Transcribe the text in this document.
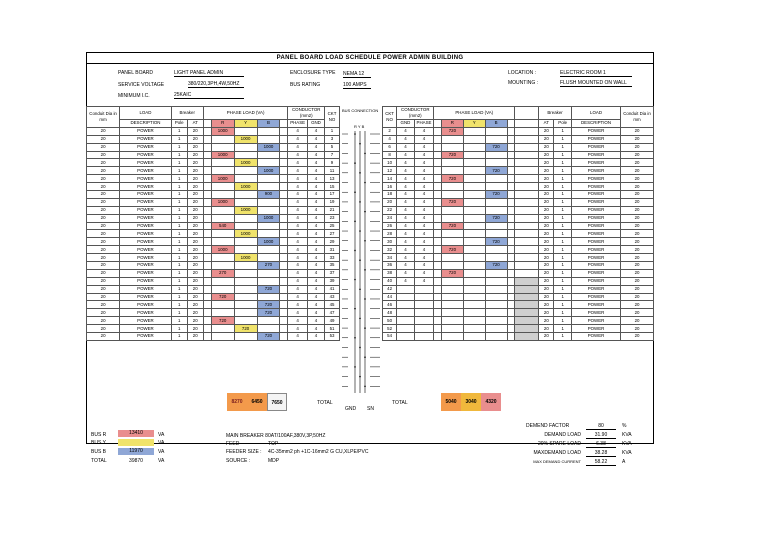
PANEL BOARD LOAD SCHEDULE POWER ADMIN BUILDING
PANEL BOARD	LIGHT PANEL ADMIN
SERVICE VOLTAGE	380/220,3PH,4W,50HZ
MINIMUM I.C.	25KAIC
ENCLOSURE TYPE NEMA 12
BUS RATING	100 AMPS
LOCATION :	ELECTRIC ROOM 1
MOUNTING :	FLUSH MOUNTED ON WALL
Conduit Dia in mm	LOAD	Breaker		PHASE LOAD (VA)					CONDUCTOR (mm2)		CKT NO
	DESCRIPTION	Pole	AT		R	Y	B		PHASE	GND	
20	POWER	1	20		1000				4	4	1
20	POWER	1	20			1000			4	4	3
20	POWER	1	20				1000		4	4	5
20	POWER	1	20		1000				4	4	7
20	POWER	1	20			1000			4	4	9
20	POWER	1	20				1000		4	4	11
20	POWER	1	20		1000				4	4	13
20	POWER	1	20			1000			4	4	15
20	POWER	1	20				900		4	4	17
20	POWER	1	20		1000				4	4	19
20	POWER	1	20			1000			4	4	21
20	POWER	1	20				1000		4	4	23
20	POWER	1	20		540				4	4	25
20	POWER	1	20			1000			4	4	27
20	POWER	1	20				1000		4	4	29
20	POWER	1	20		1000				4	4	31
20	POWER	1	20			1000			4	4	33
20	POWER	1	20				270		4	4	35
20	POWER	1	20		270				4	4	37
20	POWER	1	20						4	4	39
20	POWER	1	20				720		4	4	41
20	POWER	1	20		720				4	4	43
20	POWER	1	20				720		4	4	45
20	POWER	1	20				720		4	4	47
20	POWER	1	20		720				4	4	49
20	POWER	1	20			720			4	4	51
20	POWER	1	20				720		4	4	53
BUS CONNECTION
R Y B
CKT NO	CONDUCTOR (mm2)		PHASE LOAD (VA)						Breaker		LOAD	Conduit Dia in mm
	GND	PHASE		R	Y	B			AT	Pole	DESCRIPTION	
2	4	4		720					20	1	POWER	20
4	4	4							20	1	POWER	20
6	4	4				720			20	1	POWER	20
8	4	4		720					20	1	POWER	20
10	4	4							20	1	POWER	20
12	4	4				720			20	1	POWER	20
14	4	4		720					20	1	POWER	20
16	4	4							20	1	POWER	20
18	4	4				720			20	1	POWER	20
20	4	4		720					20	1	POWER	20
22	4	4							20	1	POWER	20
24	4	4				720			20	1	POWER	20
26	4	4		720					20	1	POWER	20
28	4	4							20	1	POWER	20
30	4	4				720			20	1	POWER	20
32	4	4		720					20	1	POWER	20
34	4	4							20	1	POWER	20
36	4	4				720			20	1	POWER	20
38	4	4		720					20	1	POWER	20
40	4	4							20	1	POWER	20
42									20	1	POWER	20
44									20	1	POWER	20
46									20	1	POWER	20
48									20	1	POWER	20
50									20	1	POWER	20
52									20	1	POWER	20
54									20	1	POWER	20
8270	6450	7650	TOTAL
GND SN
TOTAL	5040	3040	4320
DEMEND FACTOR	80	%
DEMAND LOAD	31.90	KVA
20% SPARE LOAD	6.38	KVA
MAXDEMAND LOAD	38.28	KVA
MAX DEMAND CURRENT	58.22	A
BUS R	13410	VA
BUS Y	VA
BUS B	11970	VA
TOTAL	39870	VA
MAIN BREAKER 80AT/100AF,380V,3P,50HZ
FEED	TOP
FEEDER SIZE : 4C-35mm2 ph +1C-16mm2 G CU,XLPE/PVC
SOURCE :	MDP
